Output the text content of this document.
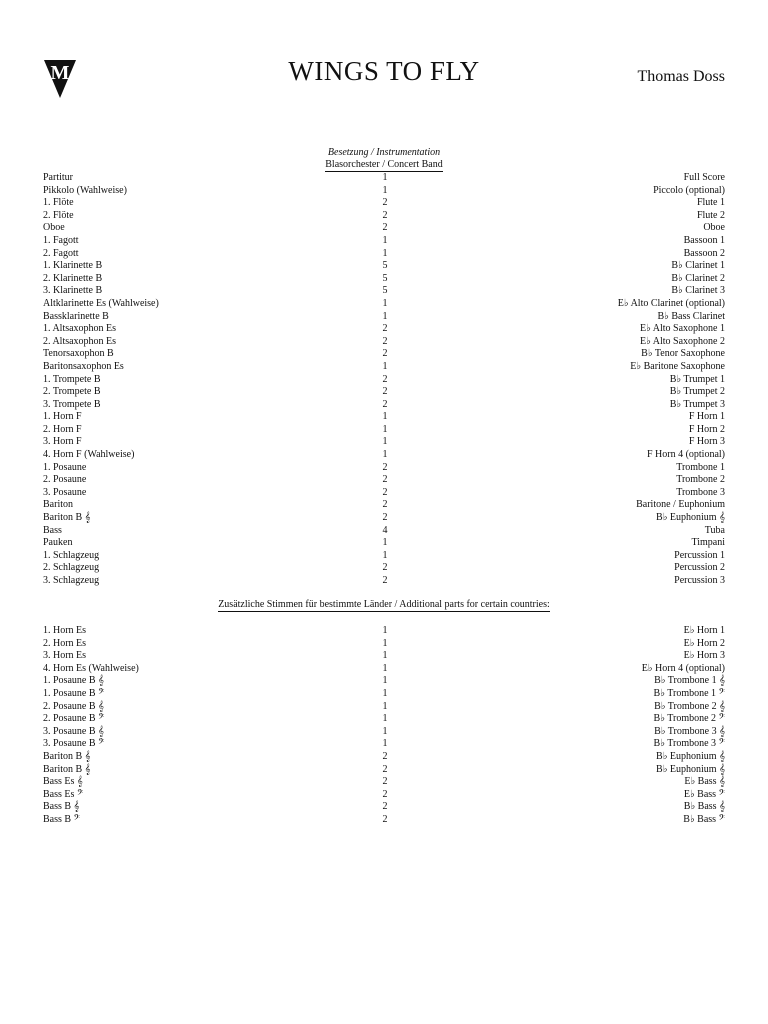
M	WINGS TO FLY	Thomas Doss
Besetzung / Instrumentation
Blasorchester / Concert Band
Partitur	1	Full Score
Pikkolo (Wahlweise)	1	Piccolo (optional)
1. Flöte	2	Flute 1
2. Flöte	2	Flute 2
Oboe	2	Oboe
1. Fagott	1	Bassoon 1
2. Fagott	1	Bassoon 2
1. Klarinette B	5	B♭ Clarinet 1
2. Klarinette B	5	B♭ Clarinet 2
3. Klarinette B	5	B♭ Clarinet 3
Altklarinette Es (Wahlweise)	1	E♭ Alto Clarinet (optional)
Bassklarinette B	1	B♭ Bass Clarinet
1. Altsaxophon Es	2	E♭ Alto Saxophone 1
2. Altsaxophon Es	2	E♭ Alto Saxophone 2
Tenorsaxophon B	2	B♭ Tenor Saxophone
Baritonsaxophon Es	1	E♭ Baritone Saxophone
1. Trompete B	2	B♭ Trumpet 1
2. Trompete B	2	B♭ Trumpet 2
3. Trompete B	2	B♭ Trumpet 3
1. Horn F	1	F Horn 1
2. Horn F	1	F Horn 2
3. Horn F	1	F Horn 3
4. Horn F (Wahlweise)	1	F Horn 4 (optional)
1. Posaune	2	Trombone 1
2. Posaune	2	Trombone 2
3. Posaune	2	Trombone 3
Bariton	2	Baritone / Euphonium
Bariton B 𝄞	2	B♭ Euphonium 𝄞
Bass	4	Tuba
Pauken	1	Timpani
1. Schlagzeug	1	Percussion 1
2. Schlagzeug	2	Percussion 2
3. Schlagzeug	2	Percussion 3
Zusätzliche Stimmen für bestimmte Länder / Additional parts for certain countries:
1. Horn Es	1	E♭ Horn 1
2. Horn Es	1	E♭ Horn 2
3. Horn Es	1	E♭ Horn 3
4. Horn Es (Wahlweise)	1	E♭ Horn 4 (optional)
1. Posaune B 𝄞	1	B♭ Trombone 1 𝄞
1. Posaune B 𝄢	1	B♭ Trombone 1 𝄢
2. Posaune B 𝄞	1	B♭ Trombone 2 𝄞
2. Posaune B 𝄢	1	B♭ Trombone 2 𝄢
3. Posaune B 𝄞	1	B♭ Trombone 3 𝄞
3. Posaune B 𝄢	1	B♭ Trombone 3 𝄢
Bariton B 𝄞	2	B♭ Euphonium 𝄞
Bariton B 𝄞	2	B♭ Euphonium 𝄞
Bass Es 𝄞	2	E♭ Bass 𝄞
Bass Es 𝄢	2	E♭ Bass 𝄢
Bass B 𝄞	2	B♭ Bass 𝄞
Bass B 𝄢	2	B♭ Bass 𝄢
